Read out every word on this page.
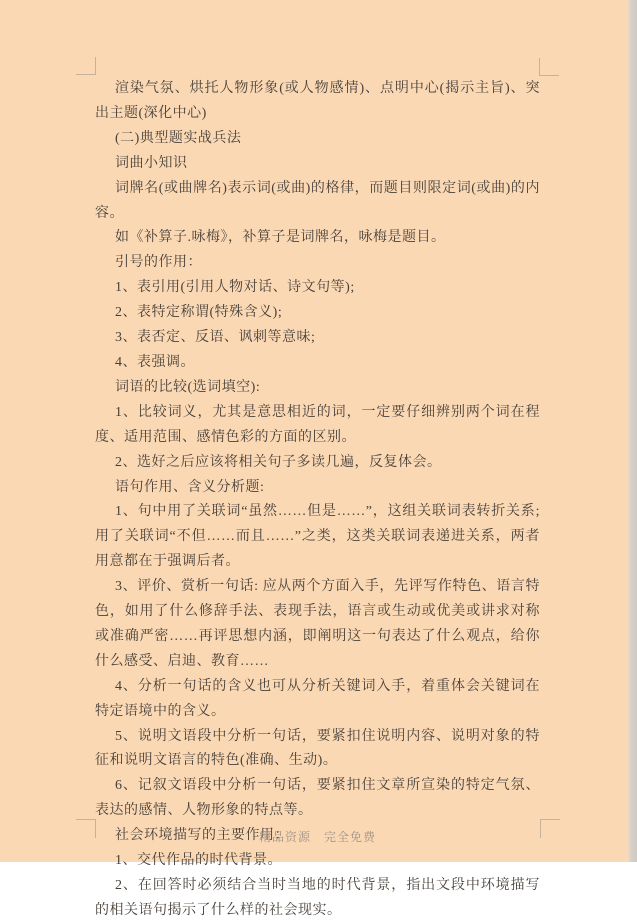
渲染气氛、烘托人物形象(或人物感情)、点明中心(揭示主旨)、突出主题(深化中心)

(二)典型题实战兵法

词曲小知识

词牌名(或曲牌名)表示词(或曲)的格律，而题目则限定词(或曲)的内容。

如《补算子.咏梅》，补算子是词牌名，咏梅是题目。

引号的作用：

1、表引用(引用人物对话、诗文句等);

2、表特定称谓(特殊含义);

3、表否定、反语、讽刺等意味;

4、表强调。

词语的比较(选词填空):

1、比较词义，尤其是意思相近的词，一定要仔细辨别两个词在程度、适用范围、感情色彩的方面的区别。

2、选好之后应该将相关句子多读几遍，反复体会。

语句作用、含义分析题:

1、句中用了关联词“虽然……但是……”，这组关联词表转折关系;用了关联词“不但……而且……”之类，这类关联词表递进关系，两者用意都在于强调后者。

3、评价、赏析一句话: 应从两个方面入手，先评写作特色、语言特色，如用了什么修辞手法、表现手法，语言或生动或优美或讲求对称或准确严密……再评思想内涵，即阐明这一句表达了什么观点，给你什么感受、启迪、教育……

4、分析一句话的含义也可从分析关键词入手，着重体会关键词在特定语境中的含义。

5、说明文语段中分析一句话，要紧扣住说明内容、说明对象的特征和说明文语言的特色(准确、生动)。

6、记叙文语段中分析一句话，要紧扣住文章所宣染的特定气氛、表达的感情、人物形象的特点等。

社会环境描写的主要作用：

1、交代作品的时代背景。

2、在回答时必须结合当时当地的时代背景，指出文段中环境描写的相关语句揭示了什么样的社会现实。

精品资源　完全免费
